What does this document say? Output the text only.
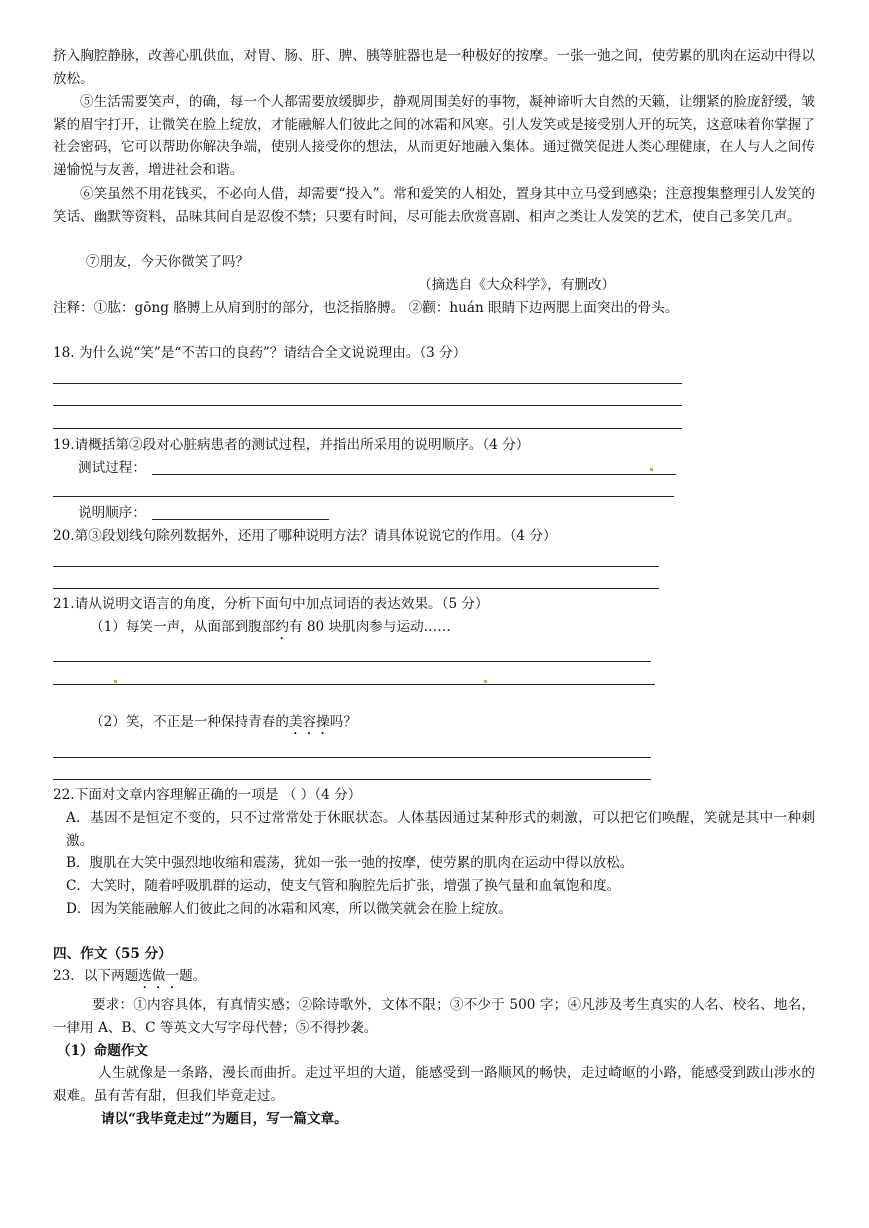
挤入胸腔静脉，改善心肌供血，对胃、肠、肝、脾、胰等脏器也是一种极好的按摩。一张一弛之间，使劳累的肌肉在运动中得以放松。

⑤生活需要笑声，的确，每一个人都需要放缓脚步，静观周围美好的事物，凝神谛听大自然的天籁，让绷紧的脸庞舒缓，皱紧的眉宇打开，让微笑在脸上绽放，才能融解人们彼此之间的冰霜和风寒。引人发笑或是接受别人开的玩笑，这意味着你掌握了社会密码，它可以帮助你解决争端，使别人接受你的想法，从而更好地融入集体。通过微笑促进人类心理健康，在人与人之间传递愉悦与友善，增进社会和谐。

⑥笑虽然不用花钱买，不必向人借，却需要“投入”。常和爱笑的人相处，置身其中立马受到感染；注意搜集整理引人发笑的笑话、幽默等资料，品味其间自是忍俊不禁；只要有时间，尽可能去欣赏喜剧、相声之类让人发笑的艺术，使自己多笑几声。

⑦朋友，今天你微笑了吗？

（摘选自《大众科学》，有删改）

注释：①肱：gōng 胳膊上从肩到肘的部分，也泛指胳膊。 ②颧：huán 眼睛下边两腮上面突出的骨头。

18. 为什么说“笑”是“不苦口的良药”？请结合全文说说理由。（3 分）

19.请概括第②段对心脏病患者的测试过程，并指出所采用的说明顺序。（4 分）

测试过程：

说明顺序：

20.第③段划线句除列数据外，还用了哪种说明方法？请具体说说它的作用。（4 分）

21.请从说明文语言的角度，分析下面句中加点词语的表达效果。（5 分）

（1）每笑一声，从面部到腹部约有 80 块肌肉参与运动……

（2）笑，不正是一种保持青春的美容操吗？

22.下面对文章内容理解正确的一项是 （ ）（4 分）

A．基因不是恒定不变的，只不过常常处于休眠状态。人体基因通过某种形式的刺激，可以把它们唤醒，笑就是其中一种刺激。

B．腹肌在大笑中强烈地收缩和震荡，犹如一张一弛的按摩，使劳累的肌肉在运动中得以放松。

C．大笑时，随着呼吸肌群的运动，使支气管和胸腔先后扩张，增强了换气量和血氧饱和度。

D．因为笑能融解人们彼此之间的冰霜和风寒，所以微笑就会在脸上绽放。

四、作文（55 分）

23．以下两题选做一题。

要求：①内容具体，有真情实感；②除诗歌外，文体不限；③不少于 500 字；④凡涉及考生真实的人名、校名、地名，一律用 A、B、C 等英文大写字母代替；⑤不得抄袭。

（1）命题作文

人生就像是一条路，漫长而曲折。走过平坦的大道，能感受到一路顺风的畅快，走过崎岖的小路，能感受到跋山涉水的艰难。虽有苦有甜，但我们毕竟走过。

请以“我毕竟走过”为题目，写一篇文章。
